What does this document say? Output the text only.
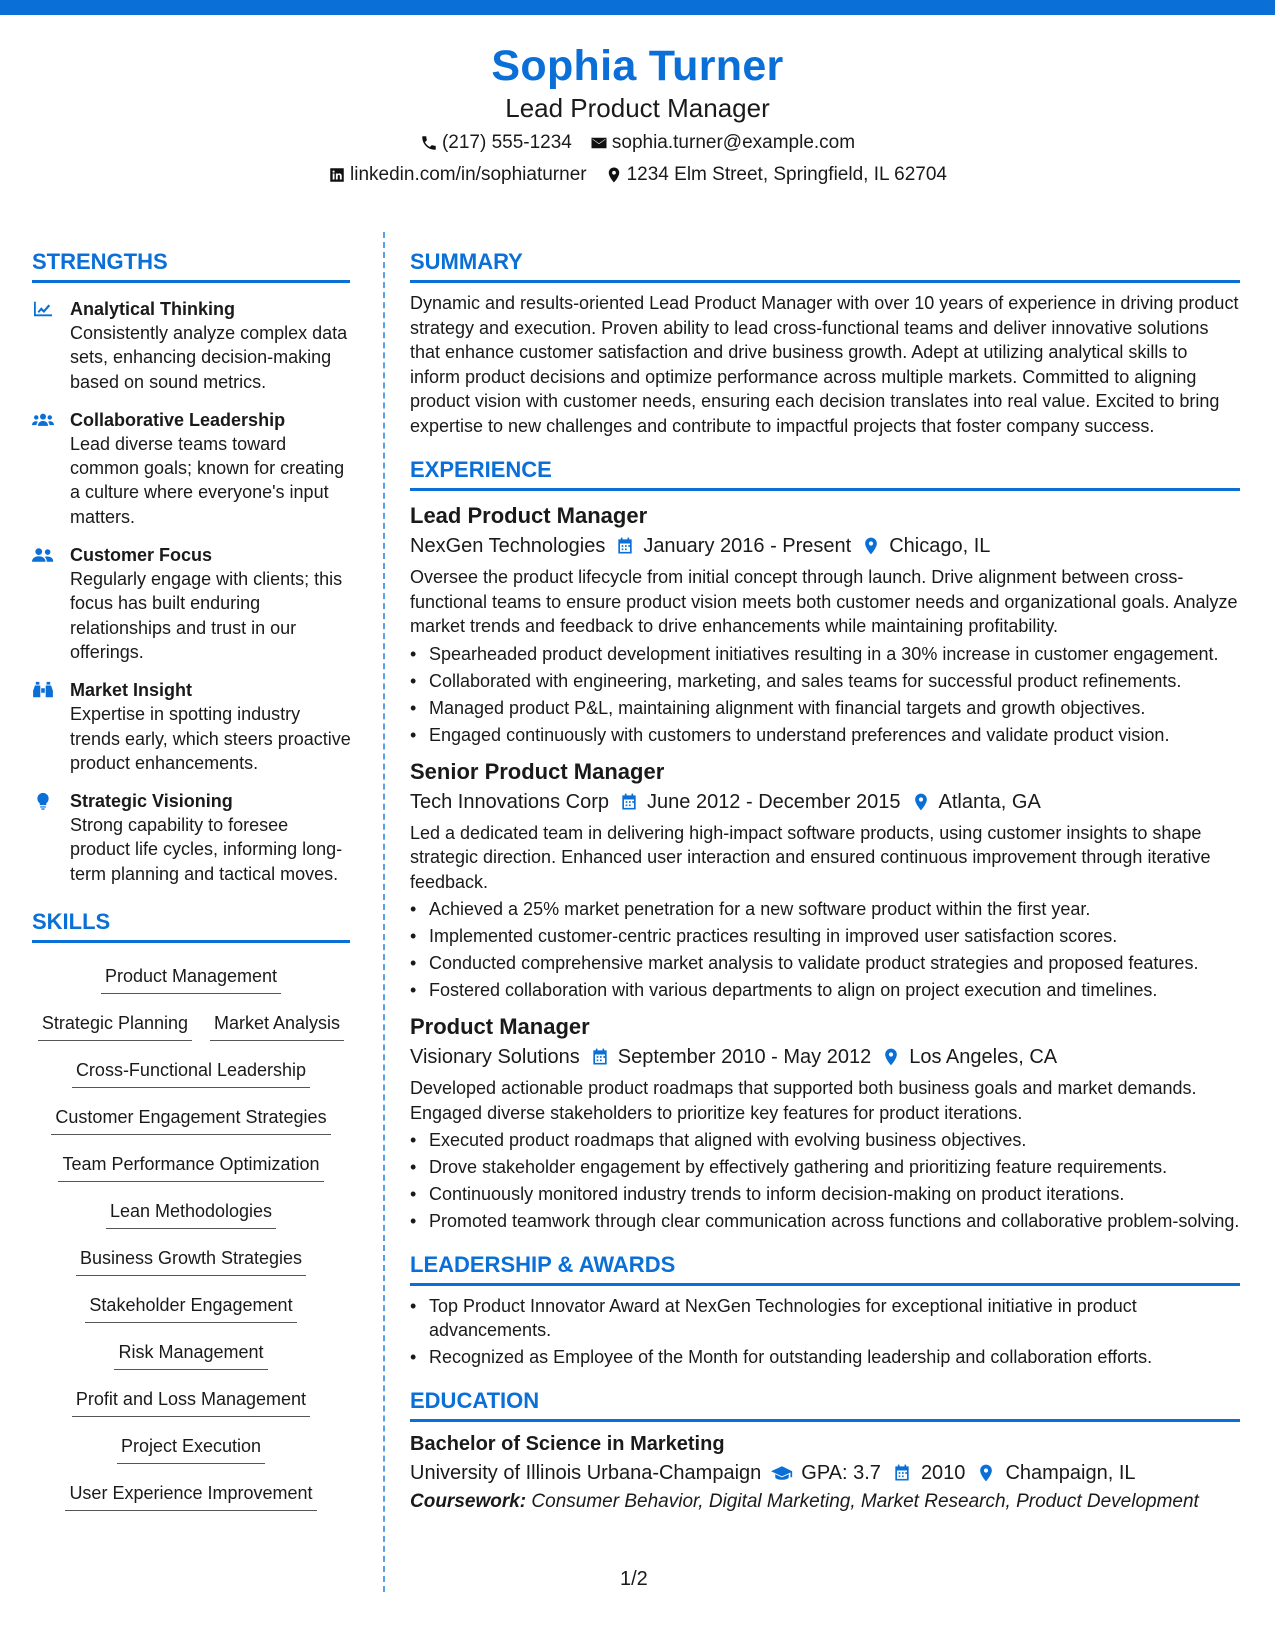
Sophia Turner
Lead Product Manager
(217) 555-1234 sophia.turner@example.com
linkedin.com/in/sophiaturner 1234 Elm Street, Springfield, IL 62704
STRENGTHS
Analytical Thinking
Consistently analyze complex data sets, enhancing decision-making based on sound metrics.
Collaborative Leadership
Lead diverse teams toward common goals; known for creating a culture where everyone's input matters.
Customer Focus
Regularly engage with clients; this focus has built enduring relationships and trust in our offerings.
Market Insight
Expertise in spotting industry trends early, which steers proactive product enhancements.
Strategic Visioning
Strong capability to foresee product life cycles, informing long-term planning and tactical moves.
SKILLS
Product Management
Strategic Planning Market Analysis
Cross-Functional Leadership
Customer Engagement Strategies
Team Performance Optimization
Lean Methodologies
Business Growth Strategies
Stakeholder Engagement
Risk Management
Profit and Loss Management
Project Execution
User Experience Improvement
SUMMARY
Dynamic and results-oriented Lead Product Manager with over 10 years of experience in driving product strategy and execution. Proven ability to lead cross-functional teams and deliver innovative solutions that enhance customer satisfaction and drive business growth. Adept at utilizing analytical skills to inform product decisions and optimize performance across multiple markets. Committed to aligning product vision with customer needs, ensuring each decision translates into real value. Excited to bring expertise to new challenges and contribute to impactful projects that foster company success.
EXPERIENCE
Lead Product Manager
NexGen Technologies January 2016 - Present Chicago, IL
Oversee the product lifecycle from initial concept through launch. Drive alignment between cross-functional teams to ensure product vision meets both customer needs and organizational goals. Analyze market trends and feedback to drive enhancements while maintaining profitability.
• Spearheaded product development initiatives resulting in a 30% increase in customer engagement.
• Collaborated with engineering, marketing, and sales teams for successful product refinements.
• Managed product P&L, maintaining alignment with financial targets and growth objectives.
• Engaged continuously with customers to understand preferences and validate product vision.
Senior Product Manager
Tech Innovations Corp June 2012 - December 2015 Atlanta, GA
Led a dedicated team in delivering high-impact software products, using customer insights to shape strategic direction. Enhanced user interaction and ensured continuous improvement through iterative feedback.
• Achieved a 25% market penetration for a new software product within the first year.
• Implemented customer-centric practices resulting in improved user satisfaction scores.
• Conducted comprehensive market analysis to validate product strategies and proposed features.
• Fostered collaboration with various departments to align on project execution and timelines.
Product Manager
Visionary Solutions September 2010 - May 2012 Los Angeles, CA
Developed actionable product roadmaps that supported both business goals and market demands. Engaged diverse stakeholders to prioritize key features for product iterations.
• Executed product roadmaps that aligned with evolving business objectives.
• Drove stakeholder engagement by effectively gathering and prioritizing feature requirements.
• Continuously monitored industry trends to inform decision-making on product iterations.
• Promoted teamwork through clear communication across functions and collaborative problem-solving.
LEADERSHIP & AWARDS
• Top Product Innovator Award at NexGen Technologies for exceptional initiative in product advancements.
• Recognized as Employee of the Month for outstanding leadership and collaboration efforts.
EDUCATION
Bachelor of Science in Marketing
University of Illinois Urbana-Champaign GPA: 3.7 2010 Champaign, IL
Coursework: Consumer Behavior, Digital Marketing, Market Research, Product Development
1/2
